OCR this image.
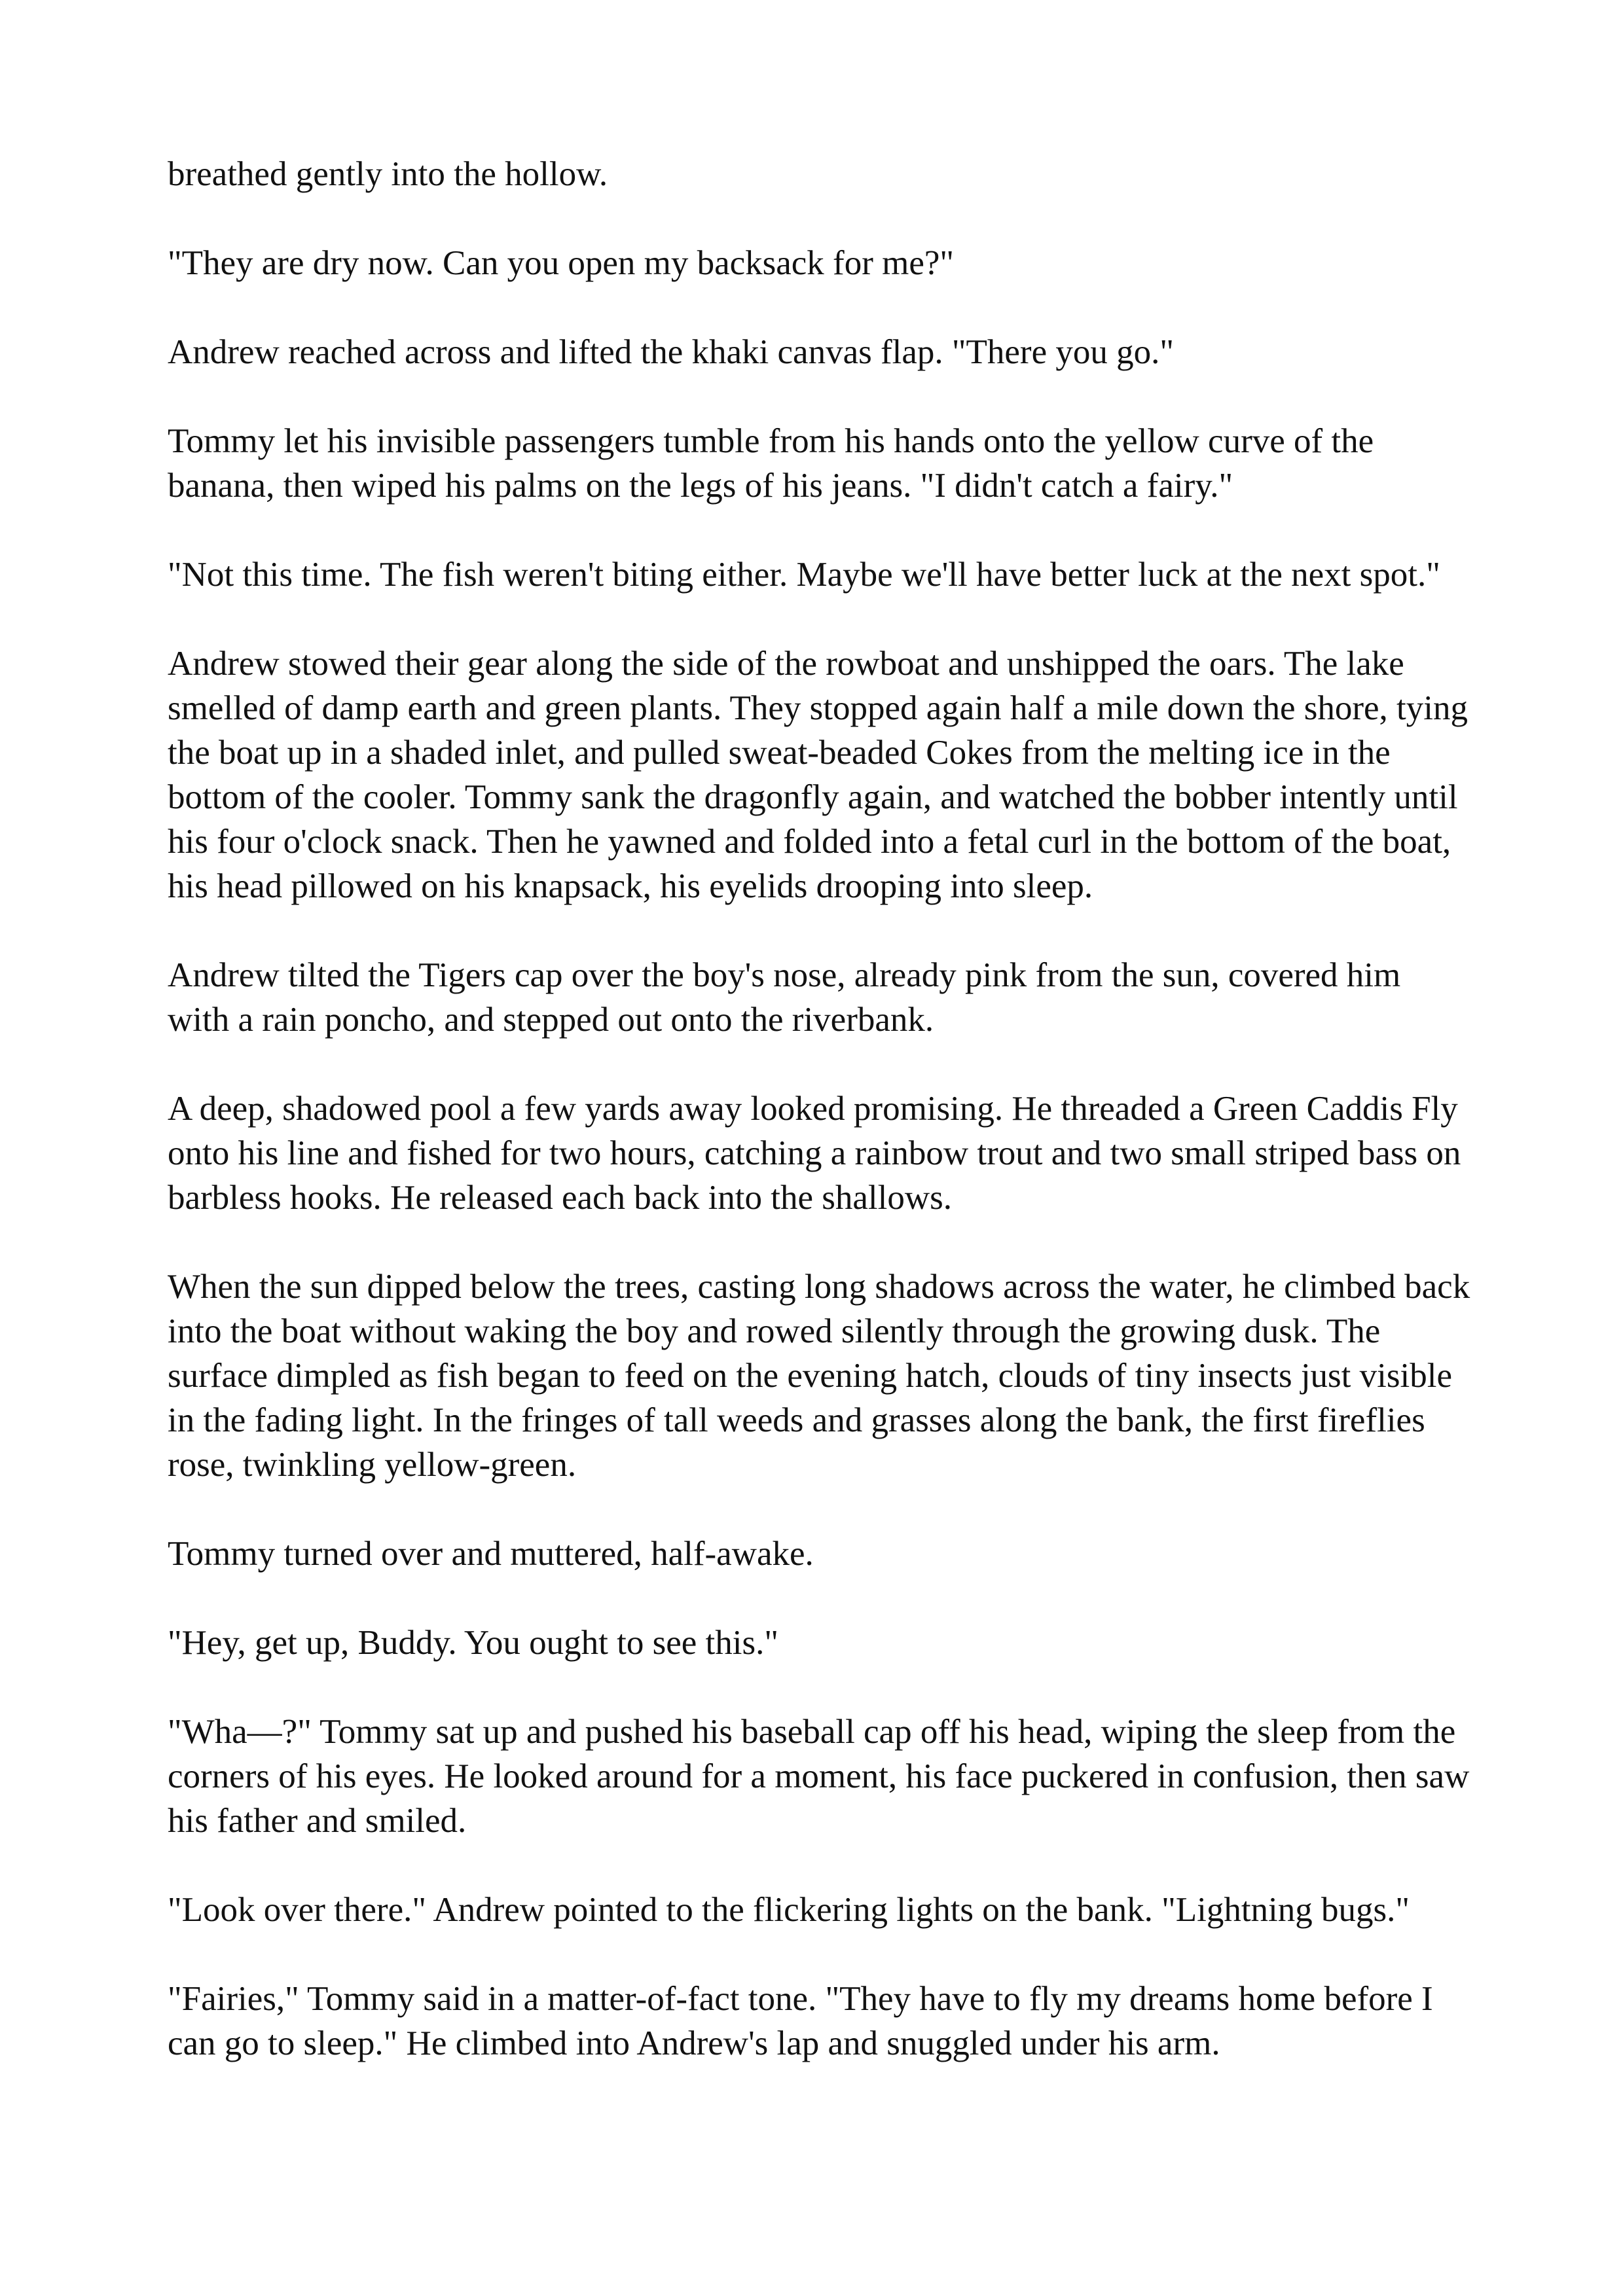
breathed gently into the hollow.

"They are dry now. Can you open my backsack for me?"

Andrew reached across and lifted the khaki canvas flap. "There you go."

Tommy let his invisible passengers tumble from his hands onto the yellow curve of the banana, then wiped his palms on the legs of his jeans. "I didn't catch a fairy."

"Not this time. The fish weren't biting either. Maybe we'll have better luck at the next spot."

Andrew stowed their gear along the side of the rowboat and unshipped the oars. The lake smelled of damp earth and green plants. They stopped again half a mile down the shore, tying the boat up in a shaded inlet, and pulled sweat-beaded Cokes from the melting ice in the bottom of the cooler. Tommy sank the dragonfly again, and watched the bobber intently until his four o'clock snack. Then he yawned and folded into a fetal curl in the bottom of the boat, his head pillowed on his knapsack, his eyelids drooping into sleep.

Andrew tilted the Tigers cap over the boy's nose, already pink from the sun, covered him with a rain poncho, and stepped out onto the riverbank.

A deep, shadowed pool a few yards away looked promising. He threaded a Green Caddis Fly onto his line and fished for two hours, catching a rainbow trout and two small striped bass on barbless hooks. He released each back into the shallows.

When the sun dipped below the trees, casting long shadows across the water, he climbed back into the boat without waking the boy and rowed silently through the growing dusk. The surface dimpled as fish began to feed on the evening hatch, clouds of tiny insects just visible in the fading light. In the fringes of tall weeds and grasses along the bank, the first fireflies rose, twinkling yellow-green.

Tommy turned over and muttered, half-awake.

"Hey, get up, Buddy. You ought to see this."

"Wha—?" Tommy sat up and pushed his baseball cap off his head, wiping the sleep from the corners of his eyes. He looked around for a moment, his face puckered in confusion, then saw his father and smiled.

"Look over there." Andrew pointed to the flickering lights on the bank. "Lightning bugs."

"Fairies," Tommy said in a matter-of-fact tone. "They have to fly my dreams home before I can go to sleep." He climbed into Andrew's lap and snuggled under his arm.
